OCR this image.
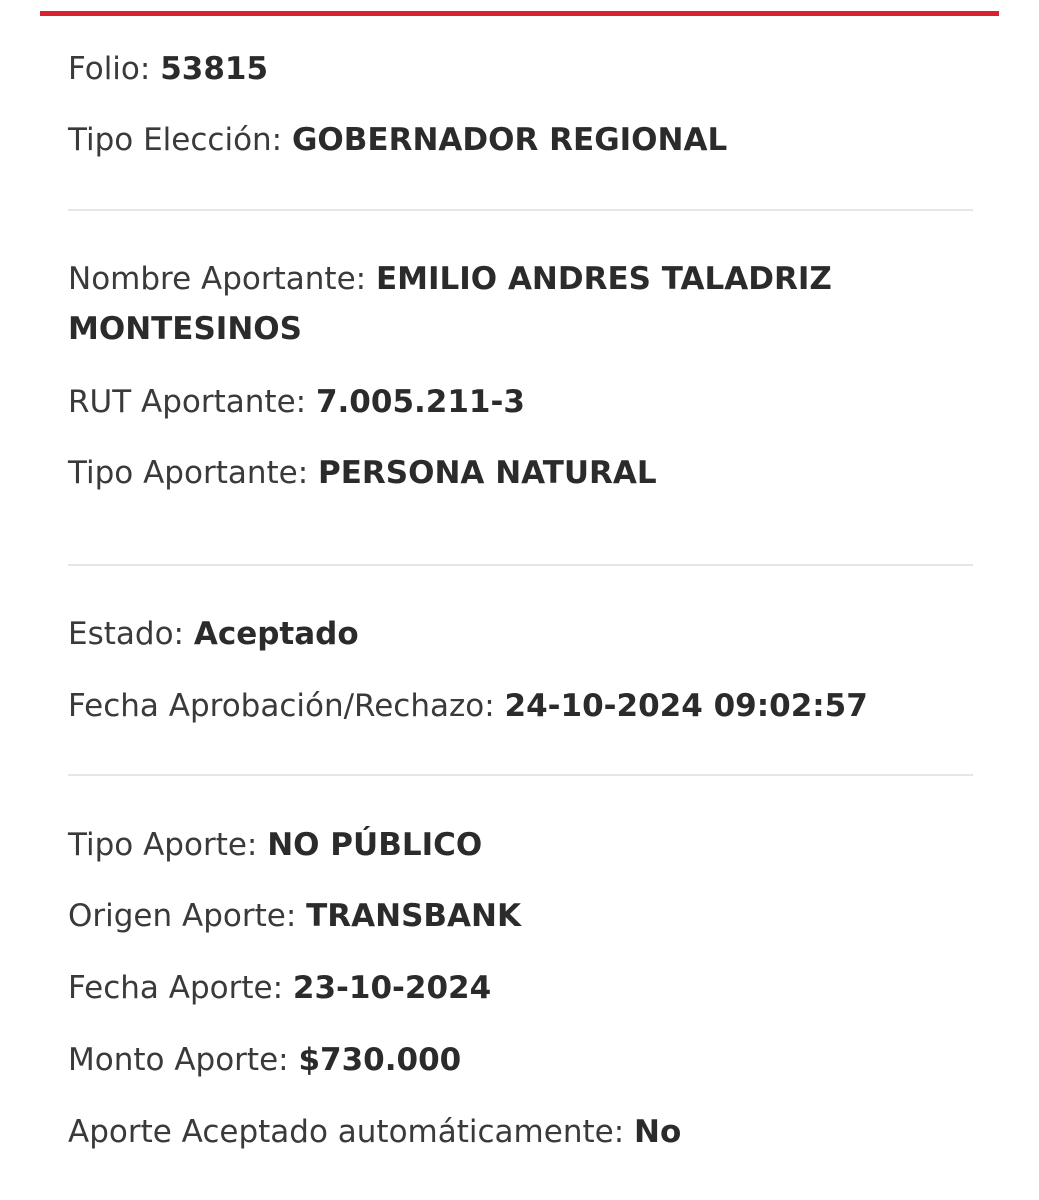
Folio: 53815
Tipo Elección: GOBERNADOR REGIONAL
Nombre Aportante: EMILIO ANDRES TALADRIZ MONTESINOS
RUT Aportante: 7.005.211-3
Tipo Aportante: PERSONA NATURAL
Estado: Aceptado
Fecha Aprobación/Rechazo: 24-10-2024 09:02:57
Tipo Aporte: NO PÚBLICO
Origen Aporte: TRANSBANK
Fecha Aporte: 23-10-2024
Monto Aporte: $730.000
Aporte Aceptado automáticamente: No
